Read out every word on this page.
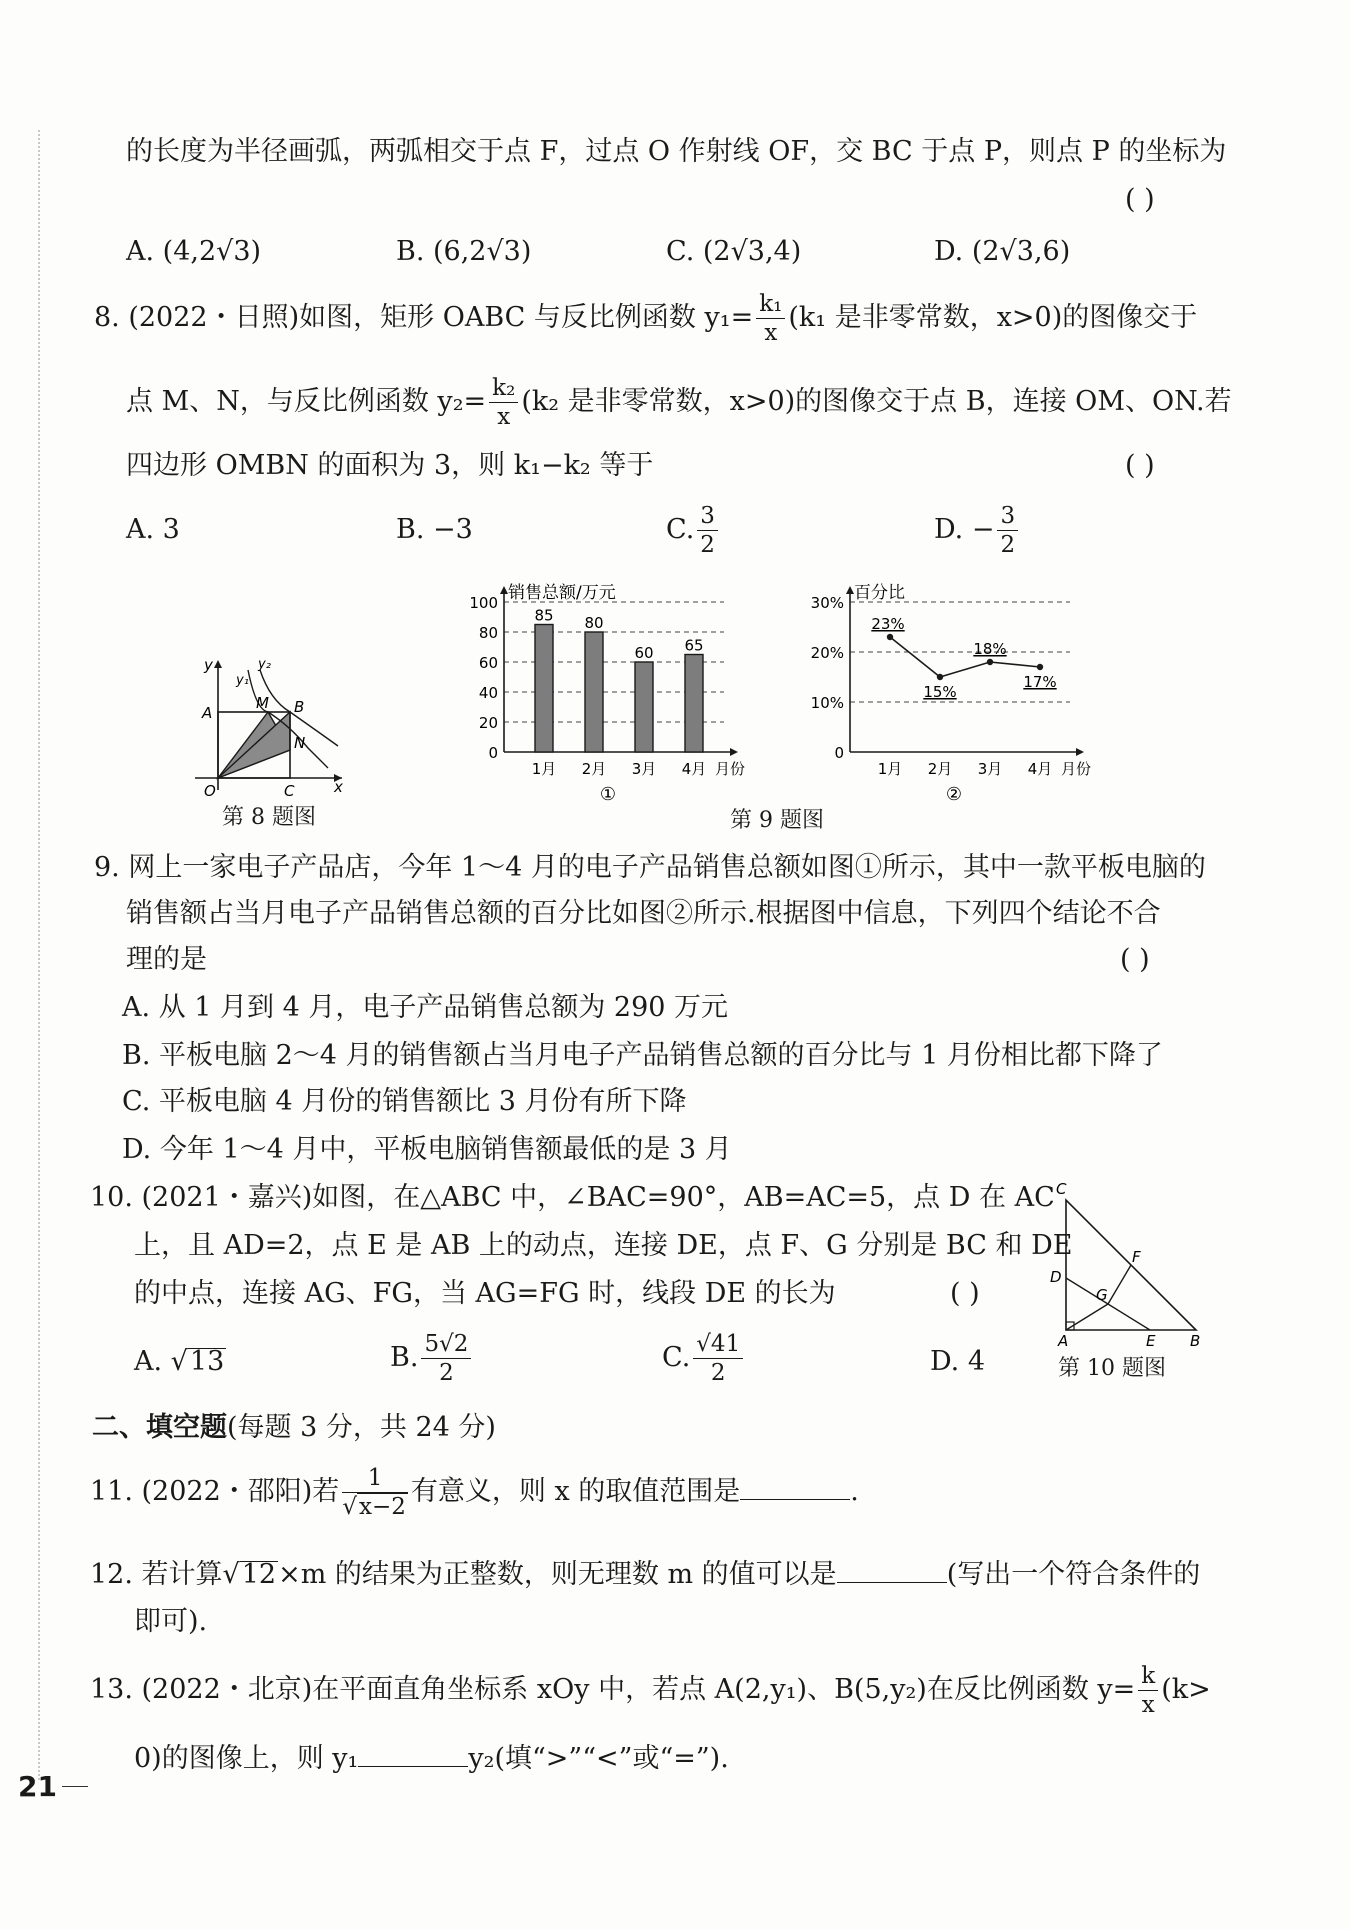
的长度为半径画弧，两弧相交于点 F，过点 O 作射线 OF，交 BC 于点 P，则点 P 的坐标为
( )
A. (4,2√3)	B. (6,2√3)	C. (2√3,4)	D. (2√3,6)
8. (2022・日照)如图，矩形 OABC 与反比例函数 $y_1= \frac{\text{k₁}}{x} (k_1$ 是非零常数，x>0)的图像交于
点 M、N，与反比例函数 $y_2= \frac{\text{k₂}}{x} (k_2$ 是非零常数，x>0)的图像交于点 B，连接 OM、ON.若
四边形 OMBN 的面积为 3，则 k₁−k₂ 等于	( )
A. 3	B. −3	C. $\frac{3}{2}$	D. − $\frac{3}{2}$
y
y₁
y₂
A
M B
N
O	C	x
第 8 题图
0
20
40
60
80
100 销售总额/万元
1月
85
2月
80
3月
60
4月
65
月份
①
0
10%
20%
30% 百分比
1月 2月 3月 4月
23%
15%
18%
17%
月份
②
第 9 题图
9. 网上一家电子产品店，今年 1～4 月的电子产品销售总额如图①所示，其中一款平板电脑的
销售额占当月电子产品销售总额的百分比如图②所示.根据图中信息，下列四个结论不合
理的是	( )
A. 从 1 月到 4 月，电子产品销售总额为 290 万元
B. 平板电脑 2～4 月的销售额占当月电子产品销售总额的百分比与 1 月份相比都下降了
C. 平板电脑 4 月份的销售额比 3 月份有所下降
D. 今年 1～4 月中，平板电脑销售额最低的是 3 月
10. (2021・嘉兴)如图，在△ABC 中，∠BAC=90°，AB=AC=5，点 D 在 AC
上，且 AD=2，点 E 是 AB 上的动点，连接 DE，点 F、G 分别是 BC 和 DE
的中点，连接 AG、FG，当 AG=FG 时，线段 DE 的长为	( )
A. √13	B. $\frac{5√2}{2}$	C. $\frac{√41}{2}$	D. 4
C
F
D
G
A	E B
第 10 题图
二、填空题(每题 3 分，共 24 分)
11. (2022・邵阳)若 $\frac{1}{√x-2}$ 有意义，则 x 的取值范围是	.
12. 若计算√12×m 的结果为正整数，则无理数 m 的值可以是	(写出一个符合条件的
即可).
13. (2022・北京)在平面直角坐标系 xOy 中，若点 A(2,y₁)、B(5,y₂)在反比例函数 $y= \frac{k}{x} (k>$
0)的图像上，则 y₁	y₂(填“>”“<”或“=”).
21
